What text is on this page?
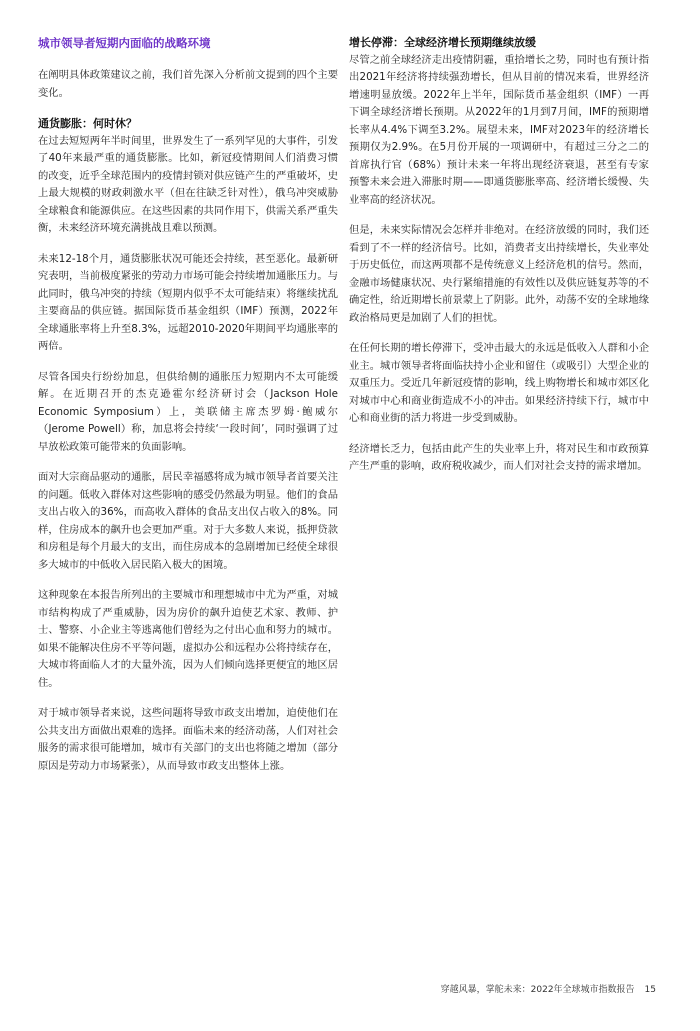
城市领导者短期内面临的战略环境

在阐明具体政策建议之前，我们首先深入分析前文提到的四个主要变化。

通货膨胀：何时休？

在过去短短两年半时间里，世界发生了一系列罕见的大事件，引发了40年来最严重的通货膨胀。比如，新冠疫情期间人们消费习惯的改变，近乎全球范围内的疫情封锁对供应链产生的严重破坏，史上最大规模的财政刺激水平（但在往缺乏针对性），俄乌冲突威胁全球粮食和能源供应。在这些因素的共同作用下，供需关系严重失衡，未来经济环境充满挑战且难以预测。

未来12-18个月，通货膨胀状况可能还会持续，甚至恶化。最新研究表明，当前极度紧张的劳动力市场可能会持续增加通胀压力。与此同时，俄乌冲突的持续（短期内似乎不太可能结束）将继续扰乱主要商品的供应链。据国际货币基金组织（IMF）预测，2022年全球通胀率将上升至8.3%，远超2010-2020年期间平均通胀率的两倍。

尽管各国央行纷纷加息，但供给侧的通胀压力短期内不太可能缓解。在近期召开的杰克逊霍尔经济研讨会（Jackson Hole Economic Symposium）上，美联储主席杰罗姆·鲍威尔（Jerome Powell）称，加息将会持续‘一段时间’，同时强调了过早放松政策可能带来的负面影响。

面对大宗商品驱动的通胀，居民幸福感将成为城市领导者首要关注的问题。低收入群体对这些影响的感受仍然最为明显。他们的食品支出占收入的36%，而高收入群体的食品支出仅占收入的8%。同样，住房成本的飙升也会更加严重。对于大多数人来说，抵押贷款和房租是每个月最大的支出，而住房成本的急剧增加已经使全球很多大城市的中低收入居民陷入极大的困境。

这种现象在本报告所列出的主要城市和理想城市中尤为严重，对城市结构构成了严重威胁，因为房价的飙升迫使艺术家、教师、护士、警察、小企业主等逃离他们曾经为之付出心血和努力的城市。如果不能解决住房不平等问题，虚拟办公和远程办公将持续存在，大城市将面临人才的大量外流，因为人们倾向选择更便宜的地区居住。

对于城市领导者来说，这些问题将导致市政支出增加，迫使他们在公共支出方面做出艰难的选择。面临未来的经济动荡，人们对社会服务的需求很可能增加，城市有关部门的支出也将随之增加（部分原因是劳动力市场紧张），从而导致市政支出整体上涨。

增长停滞：全球经济增长预期继续放缓

尽管之前全球经济走出疫情阴霾，重拾增长之势，同时也有预计指出2021年经济将持续强劲增长，但从目前的情况来看，世界经济增速明显放缓。2022年上半年，国际货币基金组织（IMF）一再下调全球经济增长预期。从2022年的1月到7月间，IMF的预期增长率从4.4%下调至3.2%。展望未来，IMF对2023年的经济增长预期仅为2.9%。在5月份开展的一项调研中，有超过三分之二的首席执行官（68%）预计未来一年将出现经济衰退，甚至有专家预警未来会进入滞胀时期——即通货膨胀率高、经济增长缓慢、失业率高的经济状况。

但是，未来实际情况会怎样并非绝对。在经济放缓的同时，我们还看到了不一样的经济信号。比如，消费者支出持续增长，失业率处于历史低位，而这两项都不是传统意义上经济危机的信号。然而，金融市场健康状况、央行紧缩措施的有效性以及供应链复苏等的不确定性，给近期增长前景蒙上了阴影。此外，动荡不安的全球地缘政治格局更是加剧了人们的担忧。

在任何长期的增长停滞下，受冲击最大的永远是低收入人群和小企业主。城市领导者将面临扶持小企业和留住（或吸引）大型企业的双重压力。受近几年新冠疫情的影响，线上购物增长和城市郊区化对城市中心和商业街造成不小的冲击。如果经济持续下行，城市中心和商业街的活力将进一步受到威胁。

经济增长乏力，包括由此产生的失业率上升，将对民生和市政预算产生严重的影响，政府税收减少，而人们对社会支持的需求增加。

穿越风暴，掌舵未来：2022年全球城市指数报告 15
